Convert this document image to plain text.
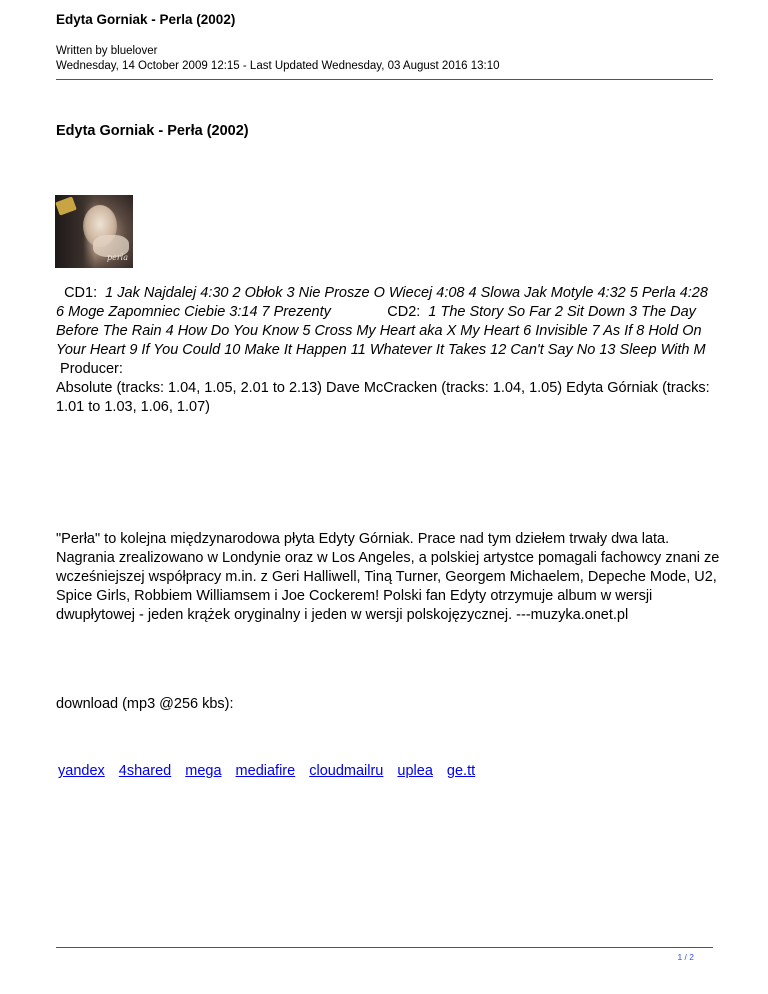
Edyta Gorniak - Perla (2002)
Written by bluelover
Wednesday, 14 October 2009 12:15 - Last Updated Wednesday, 03 August 2016 13:10
Edyta Gorniak - Perła (2002)
perla
CD1: 1 Jak Najdalej 4:30 2 Obłok 3 Nie Prosze O Wiecej 4:08 4 Slowa Jak Motyle 4:32 5 Perla 4:28 6 Moge Zapomniec Ciebie 3:14 7 Prezenty	CD2: 1 The Story So Far 2 Sit Down 3 The Day Before The Rain 4 How Do You Know 5 Cross My Heart aka X My Heart 6 Invisible 7 As If 8 Hold On Your Heart 9 If You Could 10 Make It Happen 11 Whatever It Takes 12 Can't Say No 13 Sleep With M
Producer:
Absolute (tracks: 1.04, 1.05, 2.01 to 2.13) Dave McCracken (tracks: 1.04, 1.05) Edyta Górniak (tracks: 1.01 to 1.03, 1.06, 1.07)
"Perła" to kolejna międzynarodowa płyta Edyty Górniak. Prace nad tym dziełem trwały dwa lata. Nagrania zrealizowano w Londynie oraz w Los Angeles, a polskiej artystce pomagali fachowcy znani ze wcześniejszej współpracy m.in. z Geri Halliwell, Tiną Turner, Georgem Michaelem, Depeche Mode, U2, Spice Girls, Robbiem Williamsem i Joe Cockerem! Polski fan Edyty otrzymuje album w wersji dwupłytowej - jeden krążek oryginalny i jeden w wersji polskojęzycznej. ---muzyka.onet.pl
download (mp3 @256 kbs):
yandex 4shared mega mediafire cloudmailru uplea ge.tt
1 / 2
